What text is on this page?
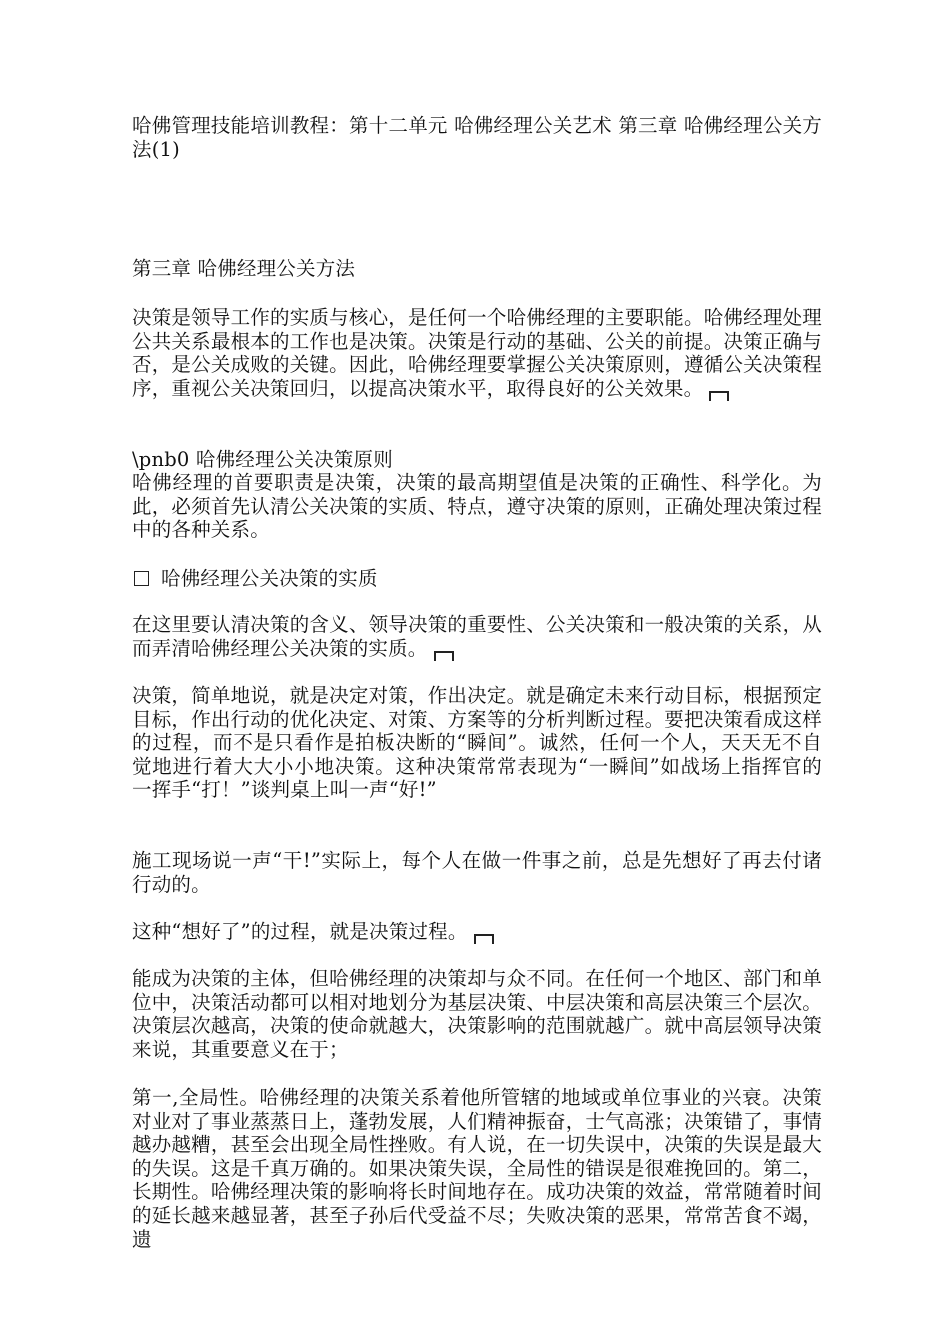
哈佛管理技能培训教程：第十二单元 哈佛经理公关艺术 第三章 哈佛经理公关方法(1)
第三章 哈佛经理公关方法
决策是领导工作的实质与核心，是任何一个哈佛经理的主要职能。哈佛经理处理公共关系最根本的工作也是决策。决策是行动的基础、公关的前提。决策正确与否，是公关成败的关键。因此，哈佛经理要掌握公关决策原则，遵循公关决策程序，重视公关决策回归，以提高决策水平，取得良好的公关效果。
\pnb0 哈佛经理公关决策原则
哈佛经理的首要职责是决策，决策的最高期望值是决策的正确性、科学化。为此，必须首先认清公关决策的实质、特点，遵守决策的原则，正确处理决策过程中的各种关系。
哈佛经理公关决策的实质
在这里要认清决策的含义、领导决策的重要性、公关决策和一般决策的关系，从而弄清哈佛经理公关决策的实质。
决策，简单地说，就是决定对策，作出决定。就是确定未来行动目标，根据预定目标，作出行动的优化决定、对策、方案等的分析判断过程。要把决策看成这样的过程，而不是只看作是拍板决断的“瞬间”。诚然，任何一个人，天天无不自觉地进行着大大小小地决策。这种决策常常表现为“一瞬间”如战场上指挥官的一挥手“打！”谈判桌上叫一声“好!”
施工现场说一声“干!”实际上，每个人在做一件事之前，总是先想好了再去付诸行动的。
这种“想好了”的过程，就是决策过程。
能成为决策的主体，但哈佛经理的决策却与众不同。在任何一个地区、部门和单位中，决策活动都可以相对地划分为基层决策、中层决策和高层决策三个层次。决策层次越高，决策的使命就越大，决策影响的范围就越广。就中高层领导决策来说，其重要意义在于；
第一,全局性。哈佛经理的决策关系着他所管辖的地域或单位事业的兴衰。决策对业对了事业蒸蒸日上，蓬勃发展，人们精神振奋，士气高涨；决策错了，事情越办越糟，甚至会出现全局性挫败。有人说，在一切失误中，决策的失误是最大的失误。这是千真万确的。如果决策失误，全局性的错误是很难挽回的。第二，长期性。哈佛经理决策的影响将长时间地存在。成功决策的效益，常常随着时间的延长越来越显著，甚至子孙后代受益不尽；失败决策的恶果，常常苦食不竭，遗
